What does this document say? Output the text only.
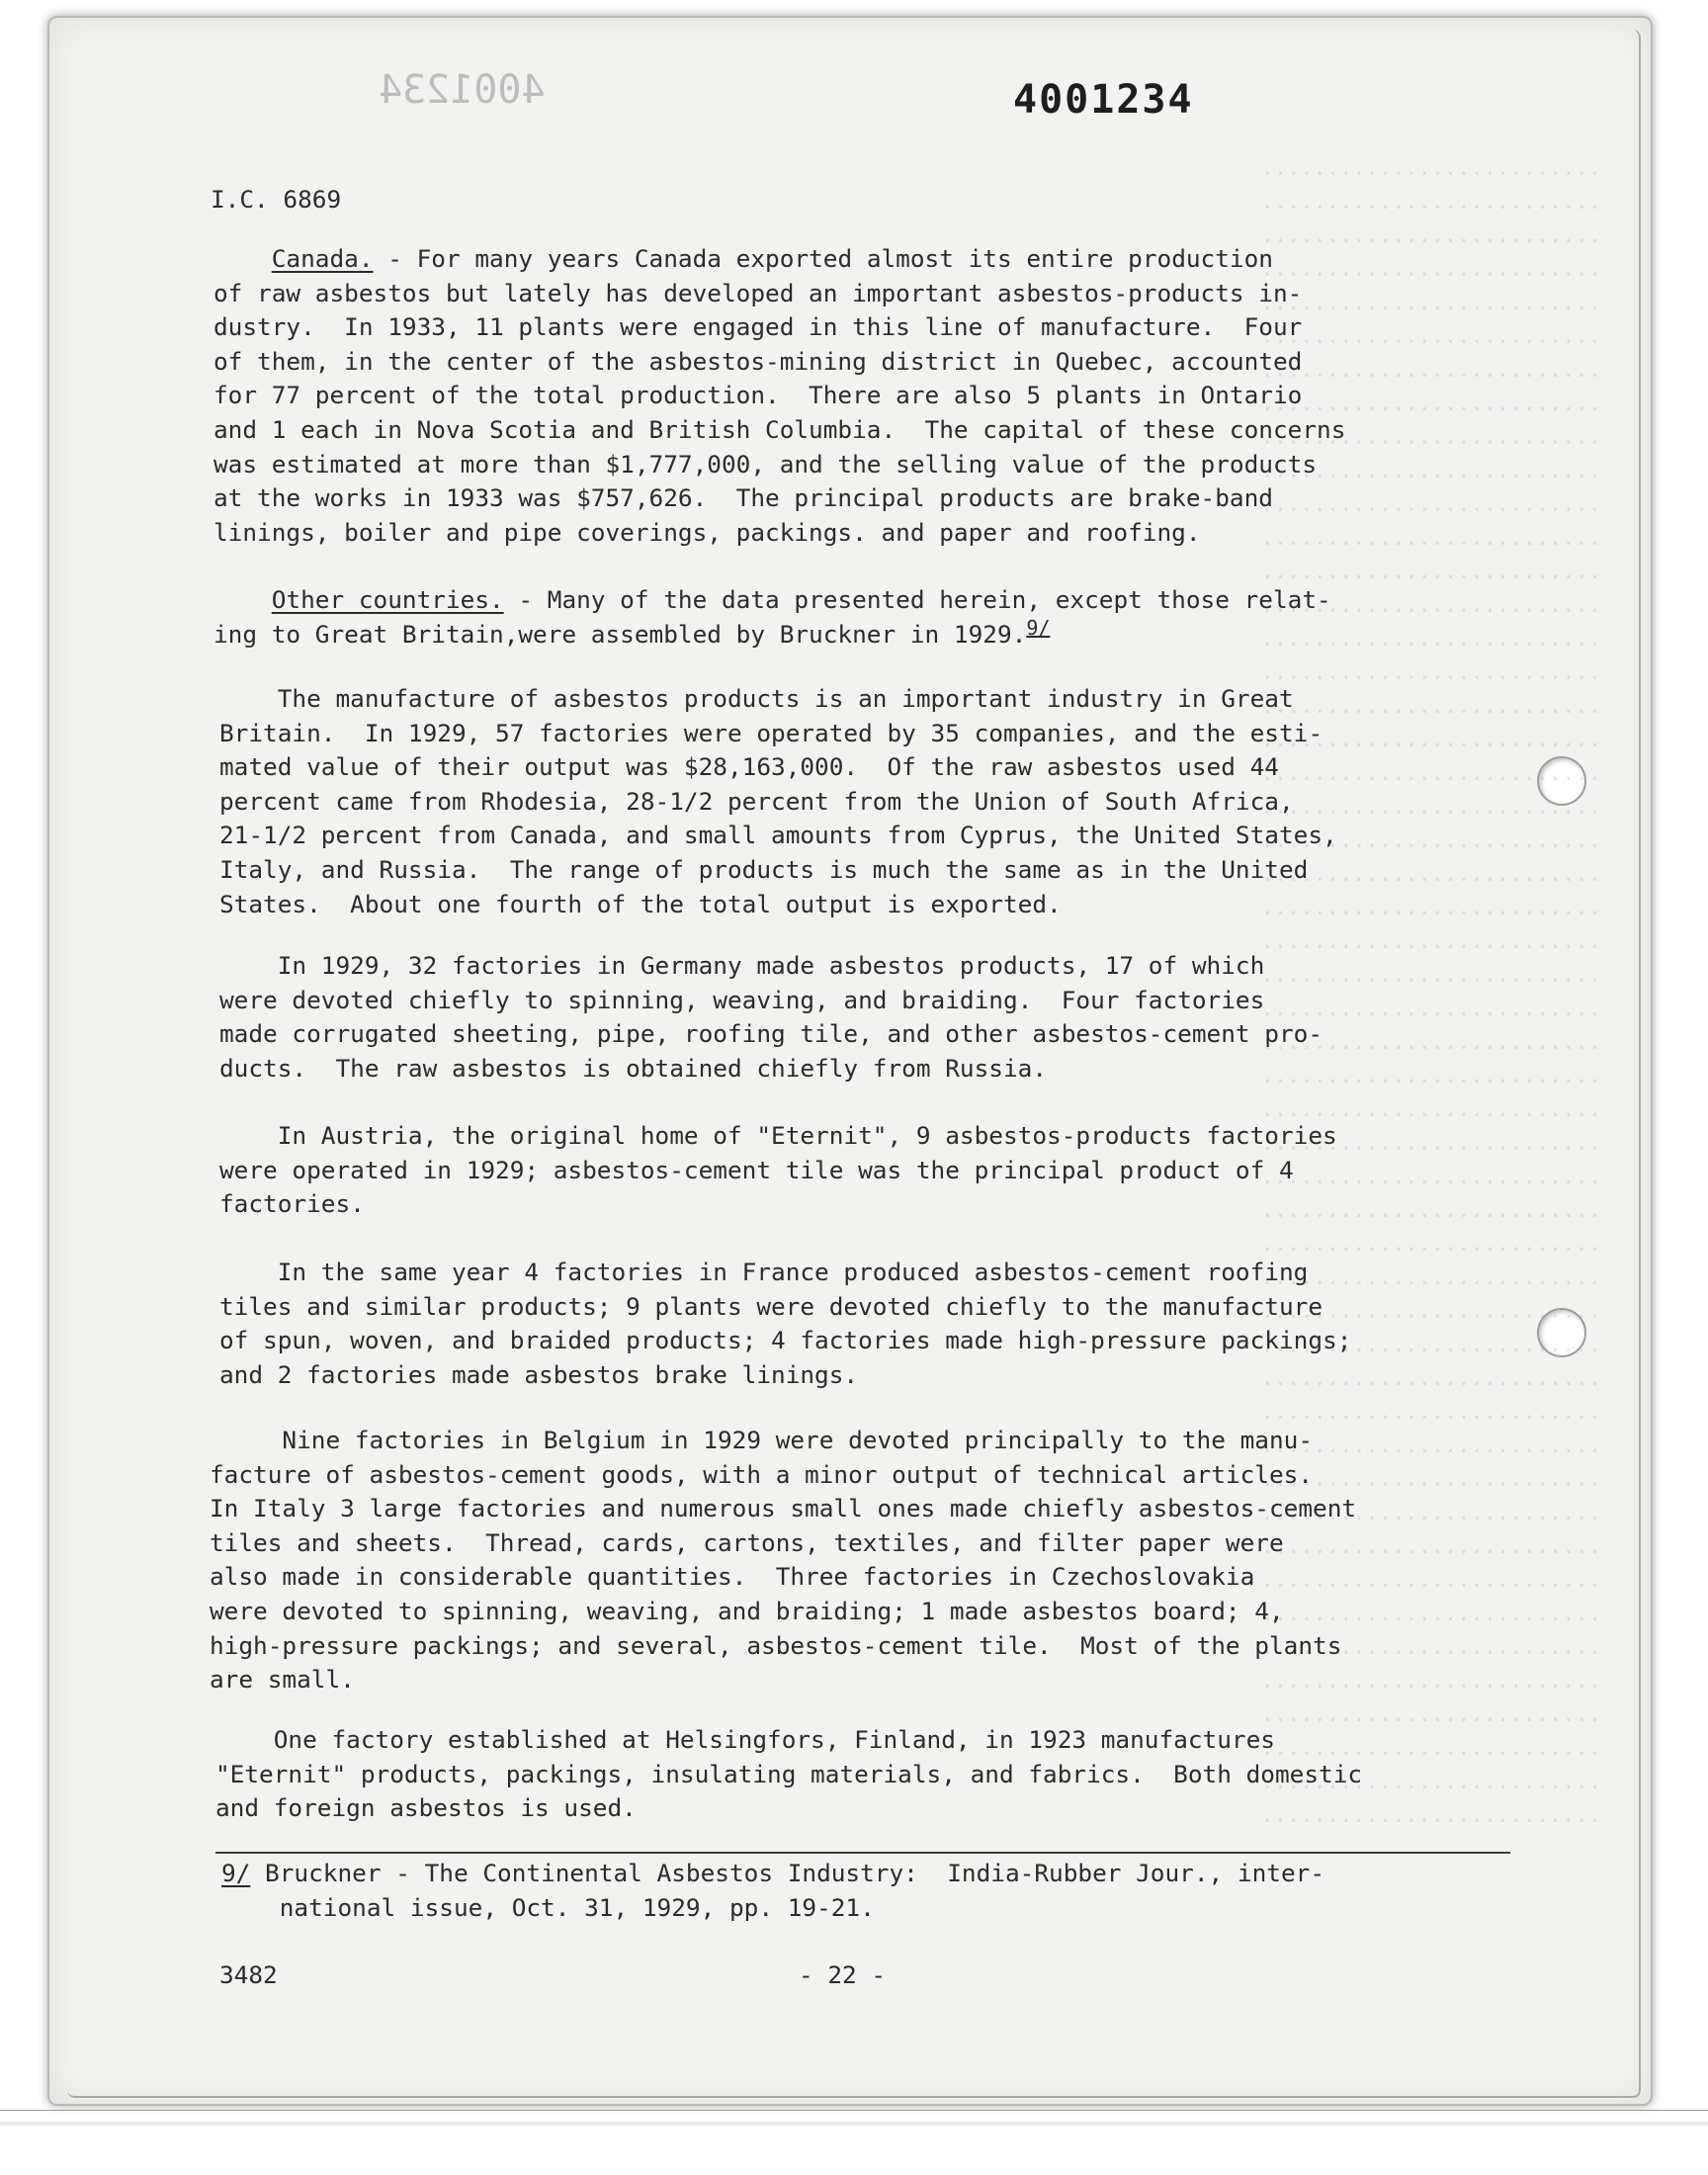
..........................
..........................
..........................
..........................
..........................
..........................
..........................
..........................
..........................
..........................
..........................
..........................
..........................
..........................
..........................
..........................
..........................
..........................
..........................
..........................
..........................
..........................
..........................
..........................
..........................
..........................
..........................
..........................
..........................
..........................
..........................
..........................
..........................
..........................
..........................
..........................
..........................
..........................
..........................
..........................
..........................
..........................
..........................
..........................
..........................
..........................
..........................
..........................
..........................
..........................

4001234	4001234
I.C. 6869
Canada. - For many years Canada exported almost its entire production
of raw asbestos but lately has developed an important asbestos-products in-
dustry.  In 1933, 11 plants were engaged in this line of manufacture.  Four
of them, in the center of the asbestos-mining district in Quebec, accounted
for 77 percent of the total production.  There are also 5 plants in Ontario
and 1 each in Nova Scotia and British Columbia.  The capital of these concerns
was estimated at more than $1,777,000, and the selling value of the products
at the works in 1933 was $757,626.  The principal products are brake-band
linings, boiler and pipe coverings, packings. and paper and roofing.
Other countries. - Many of the data presented herein, except those relat-
ing to Great Britain,were assembled by Bruckner in 1929.$^{9/}$
The manufacture of asbestos products is an important industry in Great
Britain.  In 1929, 57 factories were operated by 35 companies, and the esti-
mated value of their output was $28,163,000.  Of the raw asbestos used 44
percent came from Rhodesia, 28-1/2 percent from the Union of South Africa,
21-1/2 percent from Canada, and small amounts from Cyprus, the United States,
Italy, and Russia.  The range of products is much the same as in the United
States.  About one fourth of the total output is exported.
In 1929, 32 factories in Germany made asbestos products, 17 of which
were devoted chiefly to spinning, weaving, and braiding.  Four factories
made corrugated sheeting, pipe, roofing tile, and other asbestos-cement pro-
ducts.  The raw asbestos is obtained chiefly from Russia.
In Austria, the original home of "Eternit", 9 asbestos-products factories
were operated in 1929; asbestos-cement tile was the principal product of 4
factories.
In the same year 4 factories in France produced asbestos-cement roofing
tiles and similar products; 9 plants were devoted chiefly to the manufacture
of spun, woven, and braided products; 4 factories made high-pressure packings;
and 2 factories made asbestos brake linings.
Nine factories in Belgium in 1929 were devoted principally to the manu-
facture of asbestos-cement goods, with a minor output of technical articles.
In Italy 3 large factories and numerous small ones made chiefly asbestos-cement
tiles and sheets.  Thread, cards, cartons, textiles, and filter paper were
also made in considerable quantities.  Three factories in Czechoslovakia
were devoted to spinning, weaving, and braiding; 1 made asbestos board; 4,
high-pressure packings; and several, asbestos-cement tile.  Most of the plants
are small.
One factory established at Helsingfors, Finland, in 1923 manufactures
"Eternit" products, packings, insulating materials, and fabrics.  Both domestic
and foreign asbestos is used.
9/ Bruckner - The Continental Asbestos Industry:  India-Rubber Jour., inter-
national issue, Oct. 31, 1929, pp. 19-21.
3482	- 22 -
